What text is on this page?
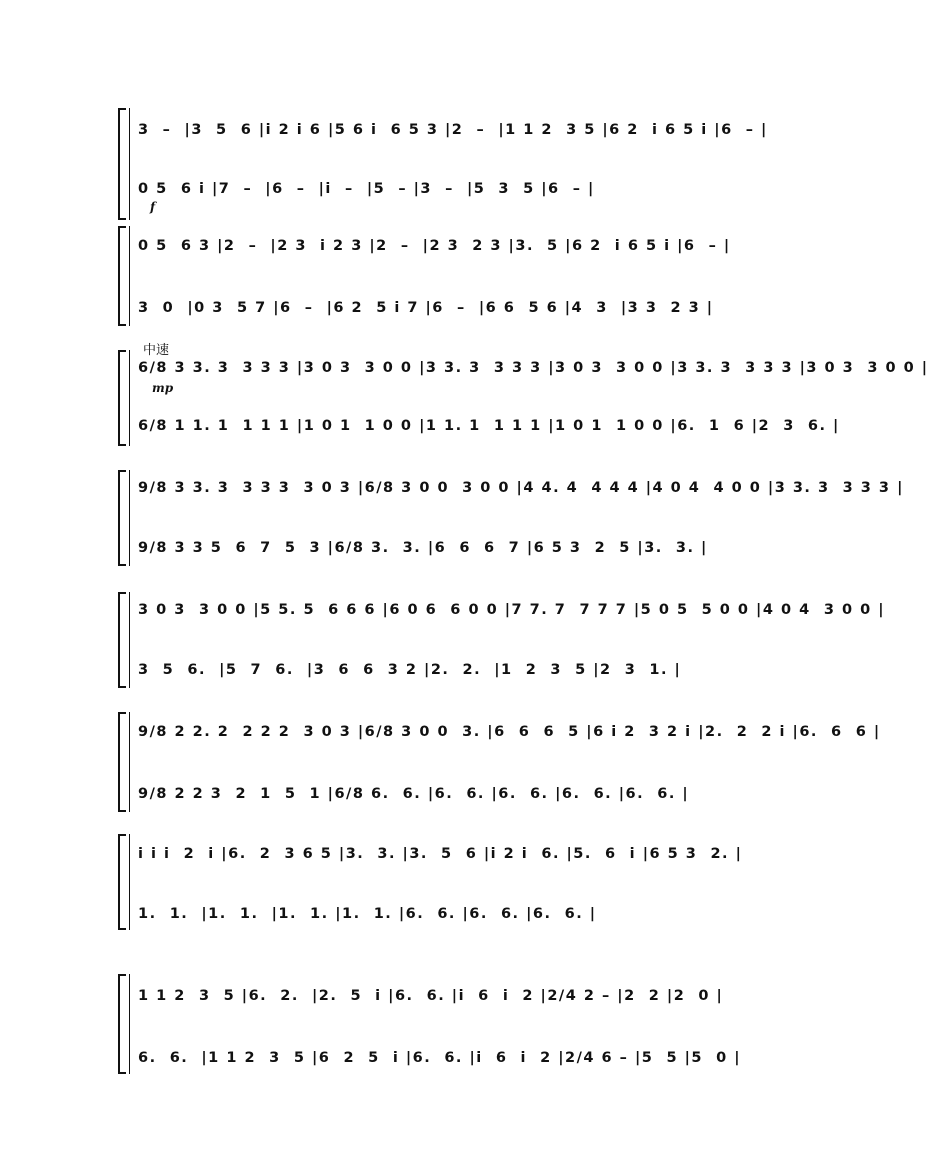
3  –  |3  5  6 |i 2 i 6 |5 6 i  6 5 3 |2  –  |1 1 2  3 5 |6 2  i 6 5 i |6  – |
0 5  6 i |7  –  |6  –  |i  –  |5  – |3  –  |5  3  5 |6  – |
f
0 5  6 3 |2  –  |2 3  i 2 3 |2  –  |2 3  2 3 |3.  5 |6 2  i 6 5 i |6  – |
3  0  |0 3  5 7 |6  –  |6 2  5 i 7 |6  –  |6 6  5 6 |4  3  |3 3  2 3 |
中速
6/8 3 3. 3  3 3 3 |3 0 3  3 0 0 |3 3. 3  3 3 3 |3 0 3  3 0 0 |3 3. 3  3 3 3 |3 0 3  3 0 0 |
6/8 1 1. 1  1 1 1 |1 0 1  1 0 0 |1 1. 1  1 1 1 |1 0 1  1 0 0 |6.  1  6 |2  3  6. |
mp
9/8 3 3. 3  3 3 3  3 0 3 |6/8 3 0 0  3 0 0 |4 4. 4  4 4 4 |4 0 4  4 0 0 |3 3. 3  3 3 3 |
9/8 3 3 5  6  7  5  3 |6/8 3.  3. |6  6  6  7 |6 5 3  2  5 |3.  3. |
3 0 3  3 0 0 |5 5. 5  6 6 6 |6 0 6  6 0 0 |7 7. 7  7 7 7 |5 0 5  5 0 0 |4 0 4  3 0 0 |
3  5  6.  |5  7  6.  |3  6  6  3 2 |2.  2.  |1  2  3  5 |2  3  1. |
9/8 2 2. 2  2 2 2  3 0 3 |6/8 3 0 0  3. |6  6  6  5 |6 i 2  3 2 i |2.  2  2 i |6.  6  6 |
9/8 2 2 3  2  1  5  1 |6/8 6.  6. |6.  6. |6.  6. |6.  6. |6.  6. |
i i i  2  i |6.  2  3 6 5 |3.  3. |3.  5  6 |i 2 i  6. |5.  6  i |6 5 3  2. |
1.  1.  |1.  1.  |1.  1. |1.  1. |6.  6. |6.  6. |6.  6. |
1 1 2  3  5 |6.  2.  |2.  5  i |6.  6. |i  6  i  2 |2/4 2 – |2  2 |2  0 |
6.  6.  |1 1 2  3  5 |6  2  5  i |6.  6. |i  6  i  2 |2/4 6 – |5  5 |5  0 |
